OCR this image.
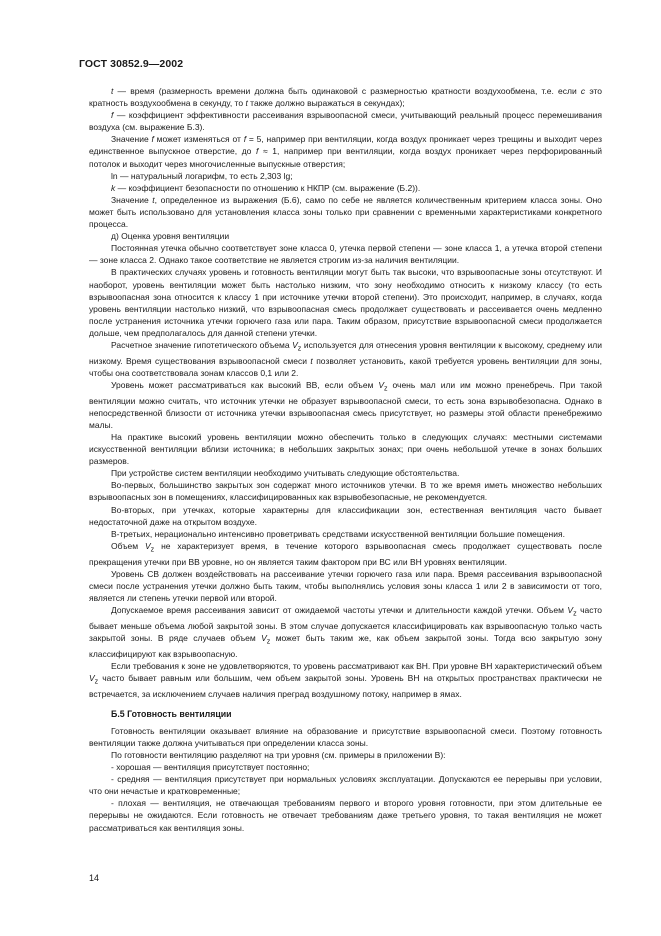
ГОСТ 30852.9—2002

t — время (размерность времени должна быть одинаковой с размерностью кратности воздухообмена, т.е. если с это кратность воздухообмена в секунду, то t также должно выражаться в секундах);

f — коэффициент эффективности рассеивания взрывоопасной смеси, учитывающий реальный процесс перемешивания воздуха (см. выражение Б.3).

Значение f может изменяться от f = 5, например при вентиляции, когда воздух проникает через трещины и выходит через единственное выпускное отверстие, до f ≈ 1, например при вентиляции, когда воздух проникает через перфорированный потолок и выходит через многочисленные выпускные отверстия;

ln — натуральный логарифм, то есть 2,303 lg;

k — коэффициент безопасности по отношению к НКПР (см. выражение (Б.2)).

Значение t, определенное из выражения (Б.6), само по себе не является количественным критерием класса зоны. Оно может быть использовано для установления класса зоны только при сравнении с временными характеристиками конкретного процесса.

д) Оценка уровня вентиляции

Постоянная утечка обычно соответствует зоне класса 0, утечка первой степени — зоне класса 1, а утечка второй степени — зоне класса 2. Однако такое соответствие не является строгим из-за наличия вентиляции.

В практических случаях уровень и готовность вентиляции могут быть так высоки, что взрывоопасные зоны отсутствуют. И наоборот, уровень вентиляции может быть настолько низким, что зону необходимо относить к низкому классу (то есть взрывоопасная зона относится к классу 1 при источнике утечки второй степени). Это происходит, например, в случаях, когда уровень вентиляции настолько низкий, что взрывоопасная смесь продолжает существовать и рассеивается очень медленно после устранения источника утечки горючего газа или пара. Таким образом, присутствие взрывоопасной смеси продолжается дольше, чем предполагалось для данной степени утечки.

Расчетное значение гипотетического объема $V_z$ используется для отнесения уровня вентиляции к высокому, среднему или низкому. Время существования взрывоопасной смеси t позволяет установить, какой требуется уровень вентиляции для зоны, чтобы она соответствовала зонам классов 0,1 или 2.

Уровень может рассматриваться как высокий ВВ, если объем $V_z$ очень мал или им можно пренебречь. При такой вентиляции можно считать, что источник утечки не образует взрывоопасной смеси, то есть зона взрывобезопасна. Однако в непосредственной близости от источника утечки взрывоопасная смесь присутствует, но размеры этой области пренебрежимо малы.

На практике высокий уровень вентиляции можно обеспечить только в следующих случаях: местными системами искусственной вентиляции вблизи источника; в небольших закрытых зонах; при очень небольшой утечке в зонах больших размеров.

При устройстве систем вентиляции необходимо учитывать следующие обстоятельства.

Во-первых, большинство закрытых зон содержат много источников утечки. В то же время иметь множество небольших взрывоопасных зон в помещениях, классифицированных как взрывобезопасные, не рекомендуется.

Во-вторых, при утечках, которые характерны для классификации зон, естественная вентиляция часто бывает недостаточной даже на открытом воздухе.

В-третьих, нерационально интенсивно проветривать средствами искусственной вентиляции большие помещения.

Объем $V_z$ не характеризует время, в течение которого взрывоопасная смесь продолжает существовать после прекращения утечки при ВВ уровне, но он является таким фактором при ВС или ВН уровнях вентиляции.

Уровень СВ должен воздействовать на рассеивание утечки горючего газа или пара. Время рассеивания взрывоопасной смеси после устранения утечки должно быть таким, чтобы выполнялись условия зоны класса 1 или 2 в зависимости от того, является ли степень утечки первой или второй.

Допускаемое время рассеивания зависит от ожидаемой частоты утечки и длительности каждой утечки. Объем $V_z$ часто бывает меньше объема любой закрытой зоны. В этом случае допускается классифицировать как взрывоопасную только часть закрытой зоны. В ряде случаев объем $V_z$ может быть таким же, как объем закрытой зоны. Тогда всю закрытую зону классифицируют как взрывоопасную.

Если требования к зоне не удовлетворяются, то уровень рассматривают как ВН. При уровне ВН характеристический объем $V_z$ часто бывает равным или большим, чем объем закрытой зоны. Уровень ВН на открытых пространствах практически не встречается, за исключением случаев наличия преград воздушному потоку, например в ямах.

Б.5 Готовность вентиляции

Готовность вентиляции оказывает влияние на образование и присутствие взрывоопасной смеси. Поэтому готовность вентиляции также должна учитываться при определении класса зоны.

По готовности вентиляцию разделяют на три уровня (см. примеры в приложении В):

- хорошая — вентиляция присутствует постоянно;

- средняя — вентиляция присутствует при нормальных условиях эксплуатации. Допускаются ее перерывы при условии, что они нечастые и кратковременные;

- плохая — вентиляция, не отвечающая требованиям первого и второго уровня готовности, при этом длительные ее перерывы не ожидаются. Если готовность не отвечает требованиям даже третьего уровня, то такая вентиляция не может рассматриваться как вентиляция зоны.

14
